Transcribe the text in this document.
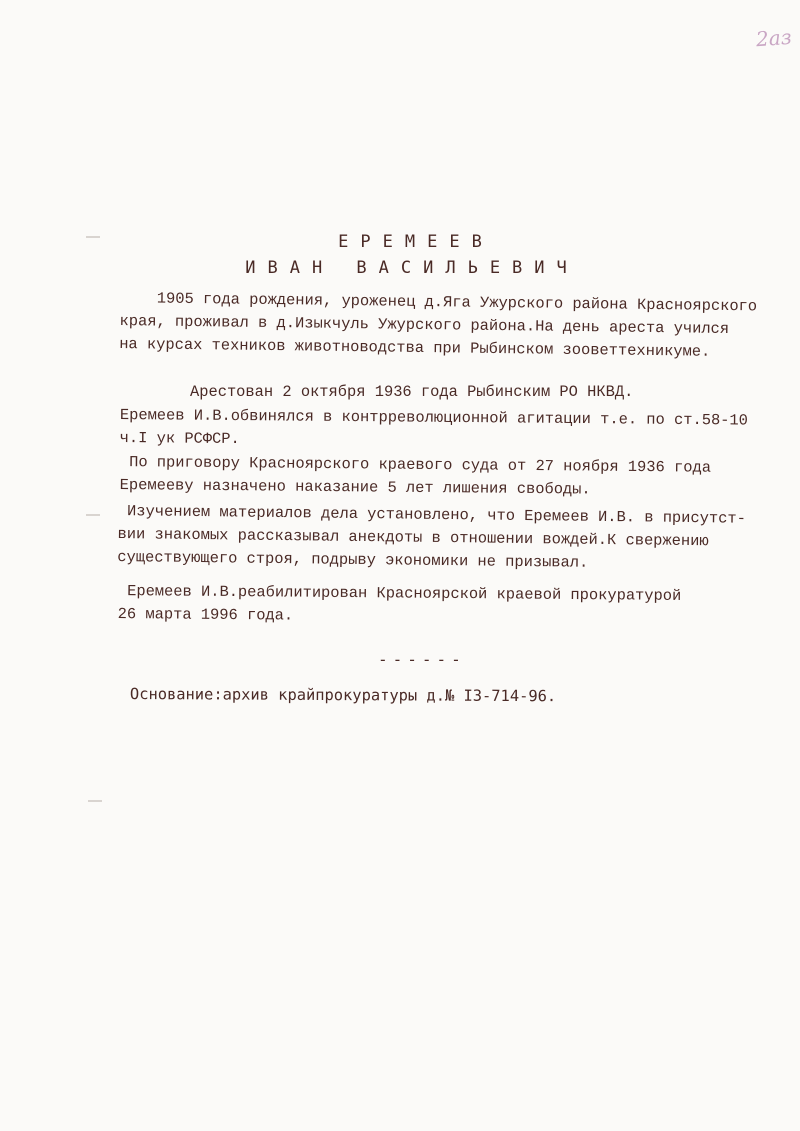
2аз
ЕРЕМЕЕВ
ИВАН ВАСИЛЬЕВИЧ
1905 года рождения, уроженец д.Яга Ужурского района Красноярского
края, проживал в д.Изыкчуль Ужурского района.На день ареста учился
на курсах техников животноводства при Рыбинском зооветтехникуме.
Арестован 2 октября 1936 года Рыбинским РО НКВД.
Еремеев И.В.обвинялся в контрреволюционной агитации т.е. по ст.58-10
ч.I ук РСФСР.
По приговору Красноярского краевого суда от 27 ноября 1936 года
Еремееву назначено наказание 5 лет лишения свободы.
Изучением материалов дела установлено, что Еремеев И.В. в присутст-
вии знакомых рассказывал анекдоты в отношении вождей.К свержению
существующего строя, подрыву экономики не призывал.
Еремеев И.В.реабилитирован Красноярской краевой прокуратурой
26 марта 1996 года.
------
Основание:архив крайпрокуратуры д.№ I3-714-96.
